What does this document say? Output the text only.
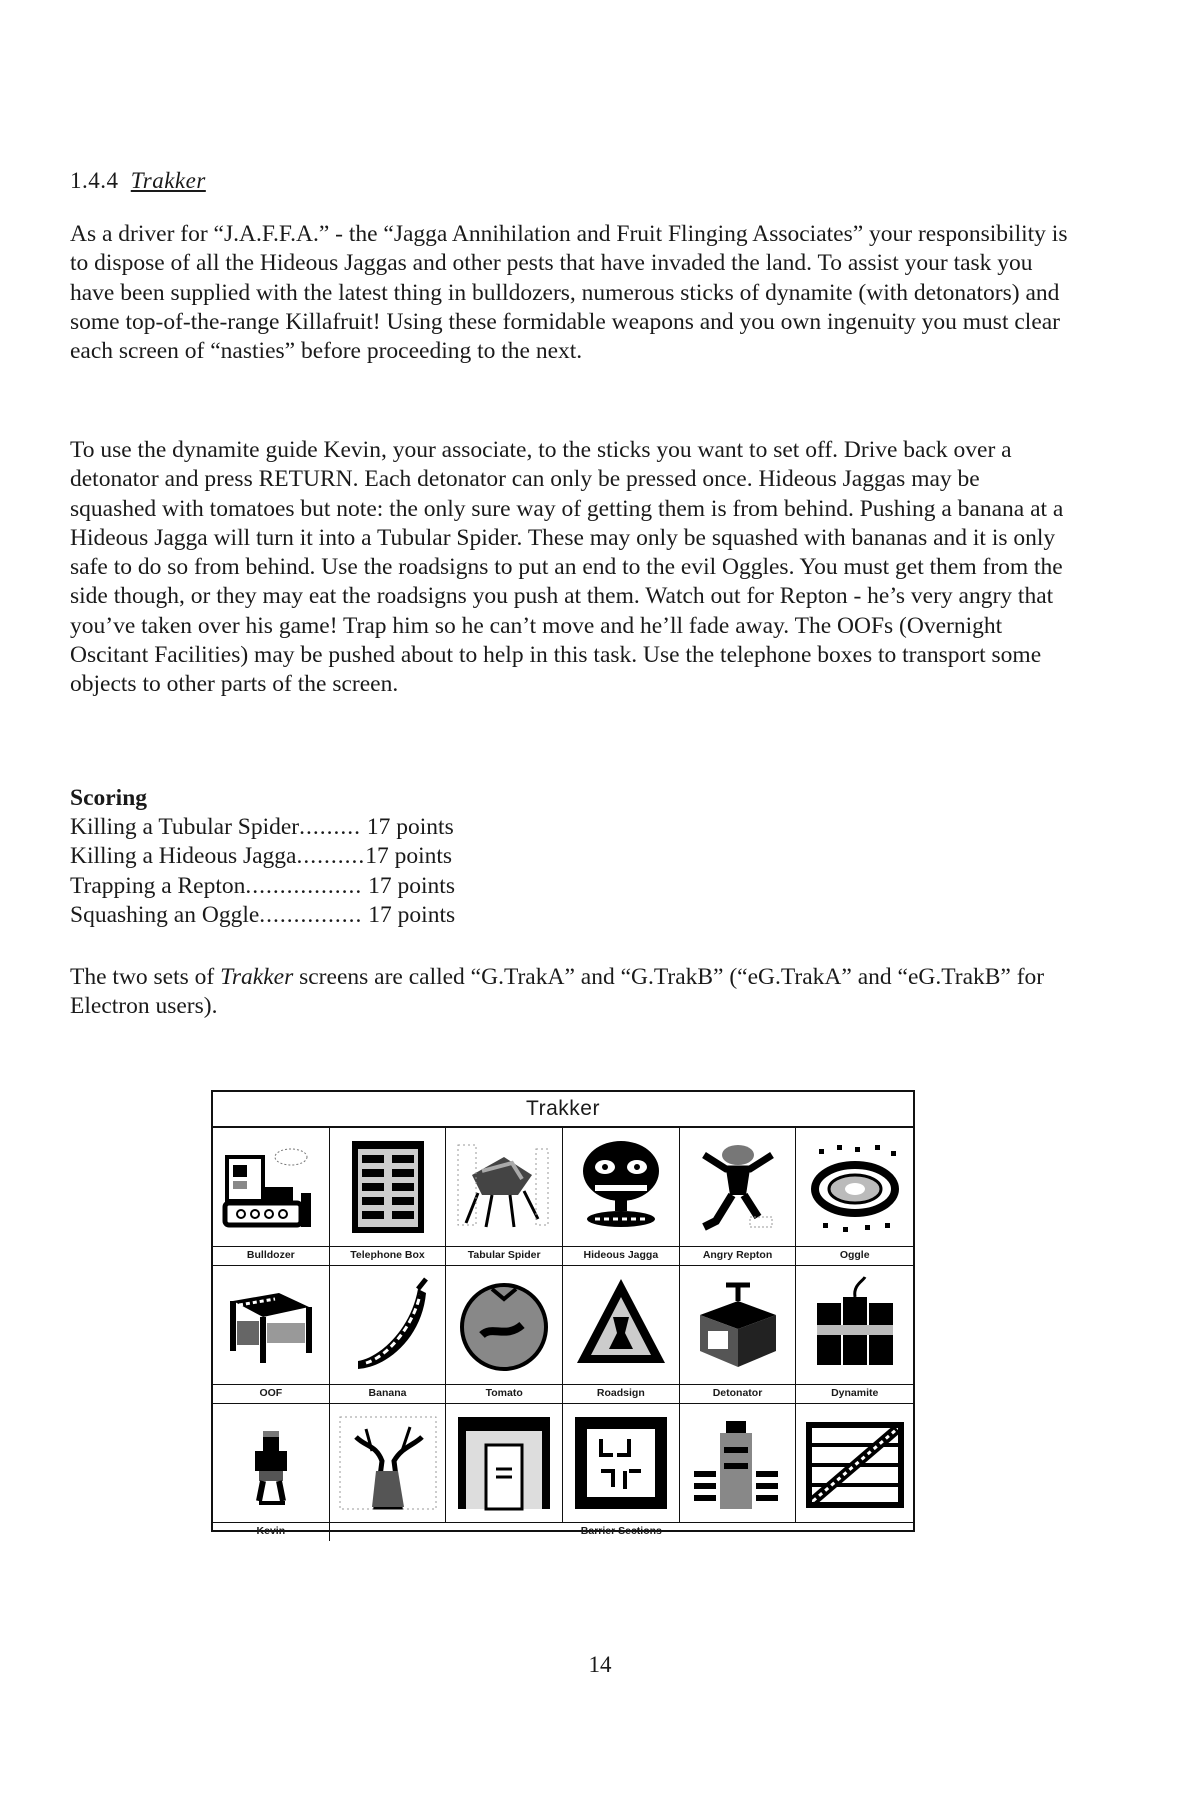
1.4.4 Trakker

As a driver for “J.A.F.F.A.” - the “Jagga Annihilation and Fruit Flinging Associates” your responsibility is to dispose of all the Hideous Jaggas and other pests that have invaded the land. To assist your task you have been supplied with the latest thing in bulldozers, numerous sticks of dynamite (with detonators) and some top-of-the-range Killafruit! Using these formidable weapons and you own ingenuity you must clear each screen of “nasties” before proceeding to the next.

To use the dynamite guide Kevin, your associate, to the sticks you want to set off. Drive back over a detonator and press RETURN. Each detonator can only be pressed once. Hideous Jaggas may be squashed with tomatoes but note: the only sure way of getting them is from behind. Pushing a banana at a Hideous Jagga will turn it into a Tubular Spider. These may only be squashed with bananas and it is only safe to do so from behind. Use the roadsigns to put an end to the evil Oggles. You must get them from the side though, or they may eat the roadsigns you push at them. Watch out for Repton - he’s very angry that you’ve taken over his game! Trap him so he can’t move and he’ll fade away. The OOFs (Overnight Oscitant Facilities) may be pushed about to help in this task. Use the telephone boxes to transport some objects to other parts of the screen.

Scoring
Killing a Tubular Spider......... 17 points
Killing a Hideous Jagga..........17 points
Trapping a Repton................. 17 points
Squashing an Oggle............... 17 points
The two sets of Trakker screens are called “G.TrakA” and “G.TrakB” (“eG.TrakA” and “eG.TrakB” for Electron users).
Trakker
Bulldozer	Telephone Box	Tabular Spider	Hideous Jagga	Angry Repton	Oggle
OOF	Banana	Tomato	Roadsign	Detonator	Dynamite
Kevin	Barrier Sections
14
